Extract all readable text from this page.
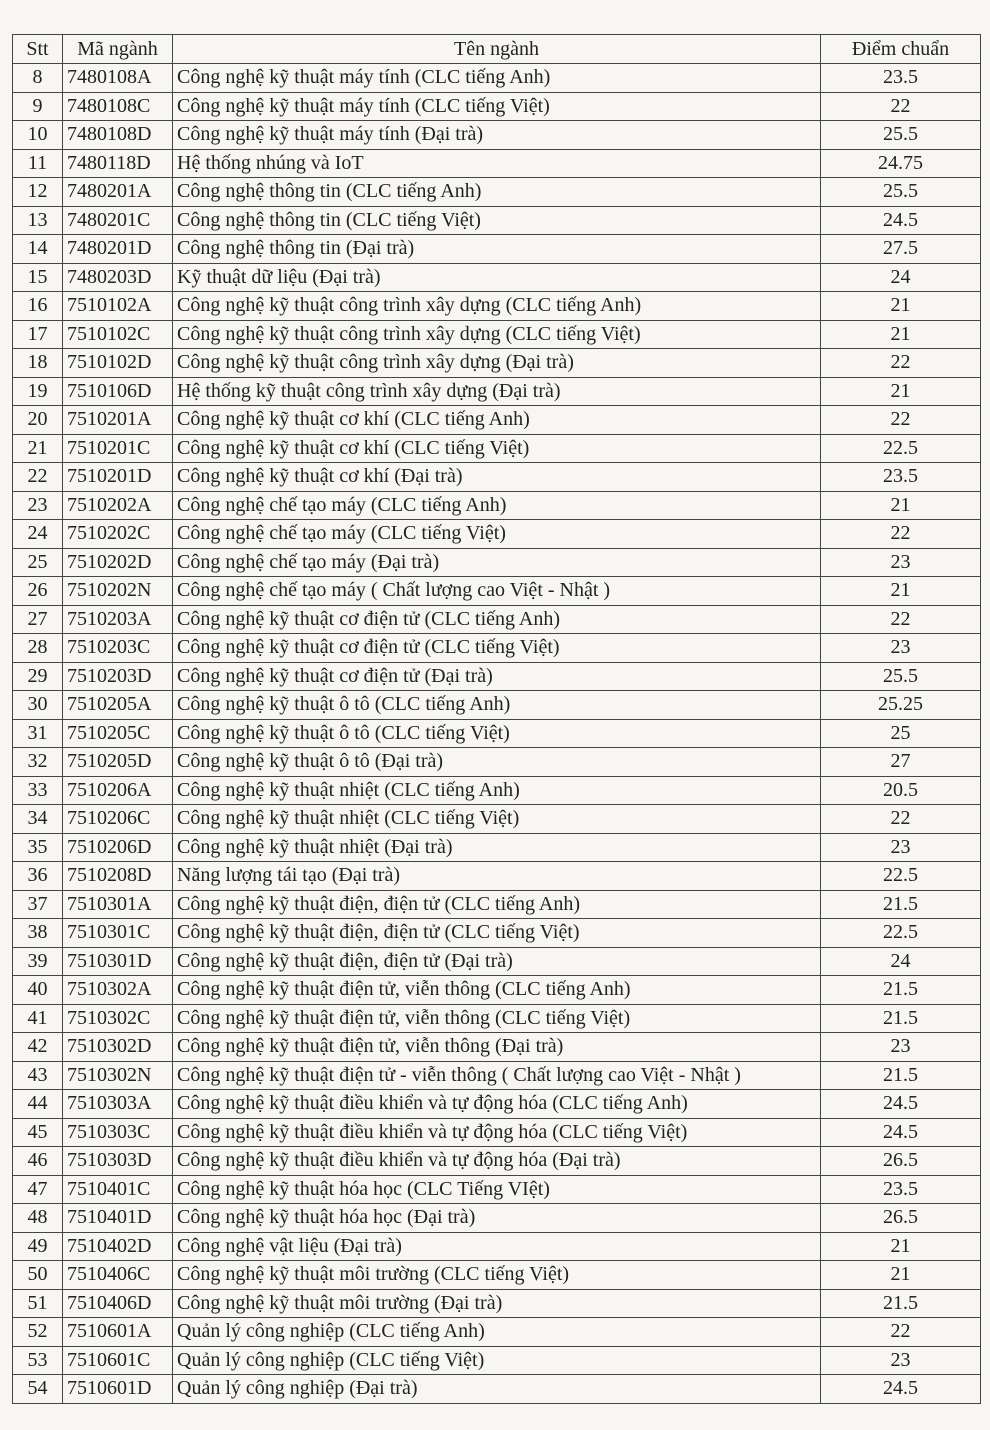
Stt	Mã ngành	Tên ngành	Điểm chuẩn
8	7480108A	Công nghệ kỹ thuật máy tính (CLC tiếng Anh)	23.5
9	7480108C	Công nghệ kỹ thuật máy tính (CLC tiếng Việt)	22
10	7480108D	Công nghệ kỹ thuật máy tính (Đại trà)	25.5
11	7480118D	Hệ thống nhúng và IoT	24.75
12	7480201A	Công nghệ thông tin (CLC tiếng Anh)	25.5
13	7480201C	Công nghệ thông tin (CLC tiếng Việt)	24.5
14	7480201D	Công nghệ thông tin (Đại trà)	27.5
15	7480203D	Kỹ thuật dữ liệu (Đại trà)	24
16	7510102A	Công nghệ kỹ thuật công trình xây dựng (CLC tiếng Anh)	21
17	7510102C	Công nghệ kỹ thuật công trình xây dựng (CLC tiếng Việt)	21
18	7510102D	Công nghệ kỹ thuật công trình xây dựng (Đại trà)	22
19	7510106D	Hệ thống kỹ thuật công trình xây dựng (Đại trà)	21
20	7510201A	Công nghệ kỹ thuật cơ khí (CLC tiếng Anh)	22
21	7510201C	Công nghệ kỹ thuật cơ khí (CLC tiếng Việt)	22.5
22	7510201D	Công nghệ kỹ thuật cơ khí (Đại trà)	23.5
23	7510202A	Công nghệ chế tạo máy (CLC tiếng Anh)	21
24	7510202C	Công nghệ chế tạo máy (CLC tiếng Việt)	22
25	7510202D	Công nghệ chế tạo máy (Đại trà)	23
26	7510202N	Công nghệ chế tạo máy ( Chất lượng cao Việt - Nhật )	21
27	7510203A	Công nghệ kỹ thuật cơ điện tử (CLC tiếng Anh)	22
28	7510203C	Công nghệ kỹ thuật cơ điện tử (CLC tiếng Việt)	23
29	7510203D	Công nghệ kỹ thuật cơ điện tử (Đại trà)	25.5
30	7510205A	Công nghệ kỹ thuật ô tô (CLC tiếng Anh)	25.25
31	7510205C	Công nghệ kỹ thuật ô tô (CLC tiếng Việt)	25
32	7510205D	Công nghệ kỹ thuật ô tô (Đại trà)	27
33	7510206A	Công nghệ kỹ thuật nhiệt (CLC tiếng Anh)	20.5
34	7510206C	Công nghệ kỹ thuật nhiệt (CLC tiếng Việt)	22
35	7510206D	Công nghệ kỹ thuật nhiệt (Đại trà)	23
36	7510208D	Năng lượng tái tạo (Đại trà)	22.5
37	7510301A	Công nghệ kỹ thuật điện, điện tử (CLC tiếng Anh)	21.5
38	7510301C	Công nghệ kỹ thuật điện, điện tử (CLC tiếng Việt)	22.5
39	7510301D	Công nghệ kỹ thuật điện, điện tử (Đại trà)	24
40	7510302A	Công nghệ kỹ thuật điện tử, viễn thông (CLC tiếng Anh)	21.5
41	7510302C	Công nghệ kỹ thuật điện tử, viễn thông (CLC tiếng Việt)	21.5
42	7510302D	Công nghệ kỹ thuật điện tử, viễn thông (Đại trà)	23
43	7510302N	Công nghệ kỹ thuật điện tử - viễn thông ( Chất lượng cao Việt - Nhật )	21.5
44	7510303A	Công nghệ kỹ thuật điều khiển và tự động hóa (CLC tiếng Anh)	24.5
45	7510303C	Công nghệ kỹ thuật điều khiển và tự động hóa (CLC tiếng Việt)	24.5
46	7510303D	Công nghệ kỹ thuật điều khiển và tự động hóa (Đại trà)	26.5
47	7510401C	Công nghệ kỹ thuật hóa học (CLC Tiếng VIệt)	23.5
48	7510401D	Công nghệ kỹ thuật hóa học (Đại trà)	26.5
49	7510402D	Công nghệ vật liệu (Đại trà)	21
50	7510406C	Công nghệ kỹ thuật môi trường (CLC tiếng Việt)	21
51	7510406D	Công nghệ kỹ thuật môi trường (Đại trà)	21.5
52	7510601A	Quản lý công nghiệp (CLC tiếng Anh)	22
53	7510601C	Quản lý công nghiệp (CLC tiếng Việt)	23
54	7510601D	Quản lý công nghiệp (Đại trà)	24.5
